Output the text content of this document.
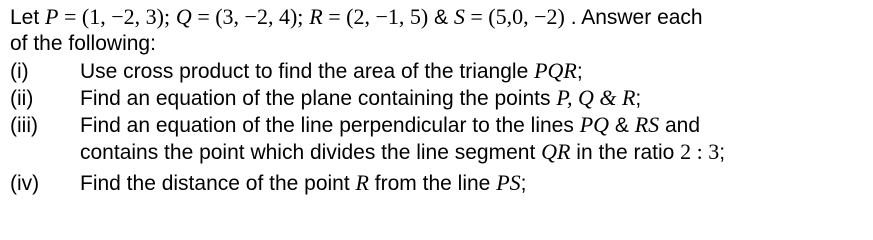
Let P = (1, −2, 3); Q = (3, −2, 4); R = (2, −1, 5) & S = (5,0, −2) . Answer each
of the following:
(i) Use cross product to find the area of the triangle PQR;
(ii) Find an equation of the plane containing the points P, Q & R;
(iii) Find an equation of the line perpendicular to the lines PQ & RS and
contains the point which divides the line segment QR in the ratio 2 : 3;
(iv) Find the distance of the point R from the line PS;
